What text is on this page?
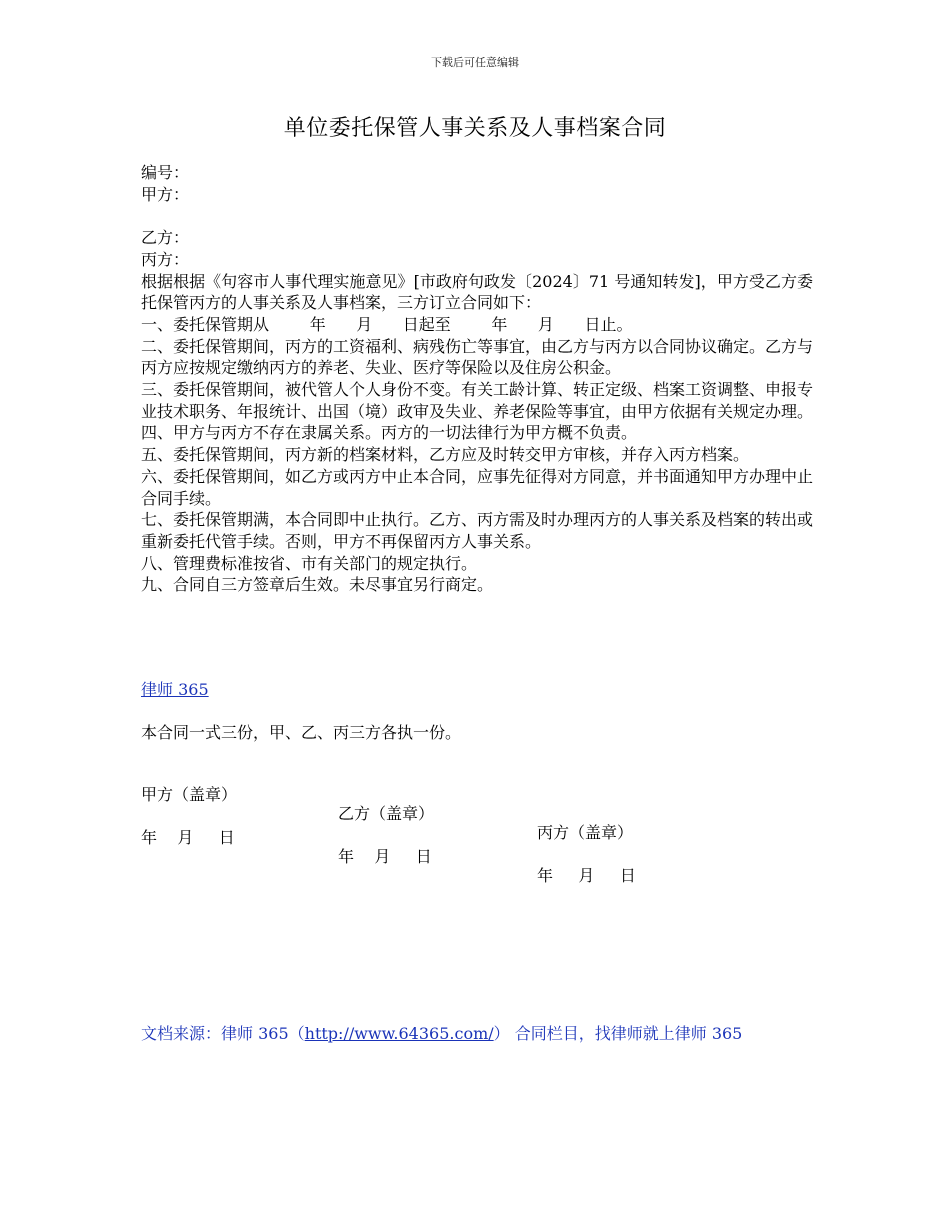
下载后可任意编辑
单位委托保管人事关系及人事档案合同
编号：
甲方：
乙方：
丙方：
根据根据《句容市人事代理实施意见》[市政府句政发〔2024〕71 号通知转发]，甲方受乙方委托保管丙方的人事关系及人事档案，三方订立合同如下：
一、委托保管期从        年      月      日起至        年      月      日止。
二、委托保管期间，丙方的工资福利、病残伤亡等事宜，由乙方与丙方以合同协议确定。乙方与丙方应按规定缴纳丙方的养老、失业、医疗等保险以及住房公积金。
三、委托保管期间，被代管人个人身份不变。有关工龄计算、转正定级、档案工资调整、申报专业技术职务、年报统计、出国（境）政审及失业、养老保险等事宜，由甲方依据有关规定办理。
四、甲方与丙方不存在隶属关系。丙方的一切法律行为甲方概不负责。
五、委托保管期间，丙方新的档案材料，乙方应及时转交甲方审核，并存入丙方档案。
六、委托保管期间，如乙方或丙方中止本合同，应事先征得对方同意，并书面通知甲方办理中止合同手续。
七、委托保管期满，本合同即中止执行。乙方、丙方需及时办理丙方的人事关系及档案的转出或重新委托代管手续。否则，甲方不再保留丙方人事关系。
八、管理费标准按省、市有关部门的规定执行。
九、合同自三方签章后生效。未尽事宜另行商定。
律师 365
本合同一式三份，甲、乙、丙三方各执一份。

甲方（盖章）

乙方（盖章）

丙方（盖章）

年    月     日

年    月     日

年     月     日

文档来源：律师 365（http://www.64365.com/） 合同栏目，找律师就上律师 365
